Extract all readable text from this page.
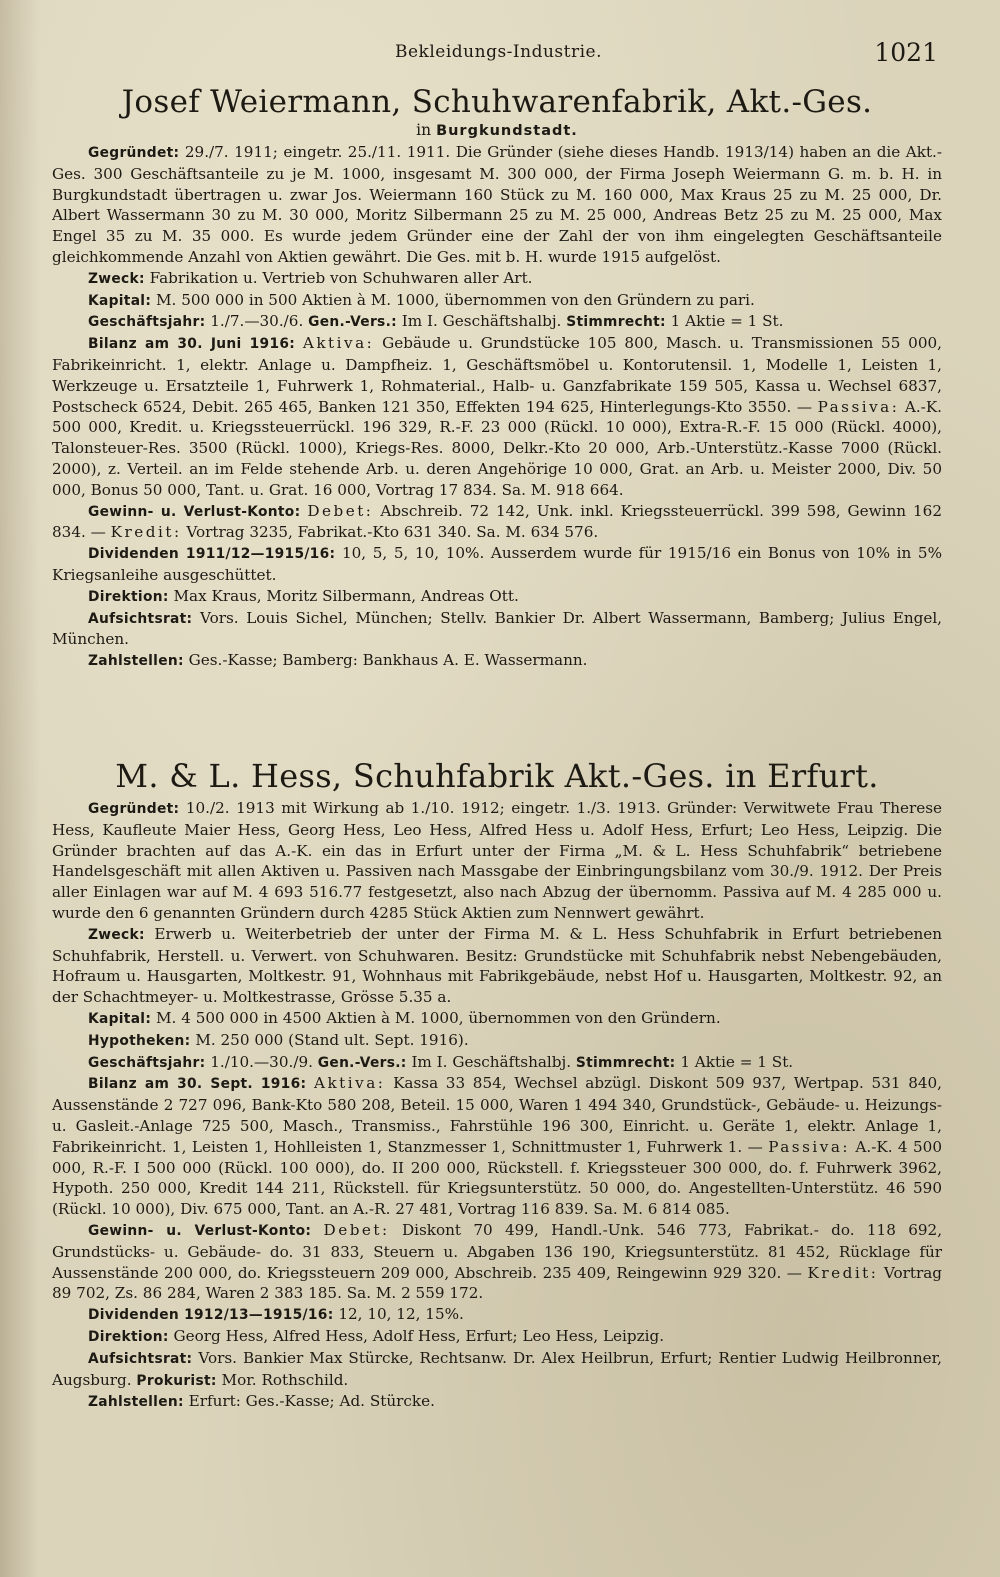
Bekleidungs-Industrie.	1021
Josef Weiermann, Schuhwarenfabrik, Akt.-Ges.

in Burgkundstadt.

Gegründet: 29./7. 1911; eingetr. 25./11. 1911. Die Gründer (siehe dieses Handb. 1913/14) haben an die Akt.-Ges. 300 Geschäftsanteile zu je M. 1000, insgesamt M. 300 000, der Firma Joseph Weiermann G. m. b. H. in Burgkundstadt übertragen u. zwar Jos. Weiermann 160 Stück zu M. 160 000, Max Kraus 25 zu M. 25 000, Dr. Albert Wassermann 30 zu M. 30 000, Moritz Silbermann 25 zu M. 25 000, Andreas Betz 25 zu M. 25 000, Max Engel 35 zu M. 35 000. Es wurde jedem Gründer eine der Zahl der von ihm eingelegten Geschäftsanteile gleichkommende Anzahl von Aktien gewährt. Die Ges. mit b. H. wurde 1915 aufgelöst.

Zweck: Fabrikation u. Vertrieb von Schuhwaren aller Art.

Kapital: M. 500 000 in 500 Aktien à M. 1000, übernommen von den Gründern zu pari.

Geschäftsjahr: 1./7.—30./6. Gen.-Vers.: Im I. Geschäftshalbj. Stimmrecht: 1 Aktie = 1 St.

Bilanz am 30. Juni 1916: Aktiva: Gebäude u. Grundstücke 105 800, Masch. u. Transmissionen 55 000, Fabrikeinricht. 1, elektr. Anlage u. Dampfheiz. 1, Geschäftsmöbel u. Kontorutensil. 1, Modelle 1, Leisten 1, Werkzeuge u. Ersatzteile 1, Fuhrwerk 1, Rohmaterial., Halb- u. Ganzfabrikate 159 505, Kassa u. Wechsel 6837, Postscheck 6524, Debit. 265 465, Banken 121 350, Effekten 194 625, Hinterlegungs-Kto 3550. — Passiva: A.-K. 500 000, Kredit. u. Kriegssteuerrückl. 196 329, R.-F. 23 000 (Rückl. 10 000), Extra-R.-F. 15 000 (Rückl. 4000), Talonsteuer-Res. 3500 (Rückl. 1000), Kriegs-Res. 8000, Delkr.-Kto 20 000, Arb.-Unterstütz.-Kasse 7000 (Rückl. 2000), z. Verteil. an im Felde stehende Arb. u. deren Angehörige 10 000, Grat. an Arb. u. Meister 2000, Div. 50 000, Bonus 50 000, Tant. u. Grat. 16 000, Vortrag 17 834. Sa. M. 918 664.

Gewinn- u. Verlust-Konto: Debet: Abschreib. 72 142, Unk. inkl. Kriegssteuerrückl. 399 598, Gewinn 162 834. — Kredit: Vortrag 3235, Fabrikat.-Kto 631 340. Sa. M. 634 576.

Dividenden 1911/12—1915/16: 10, 5, 5, 10, 10%. Ausserdem wurde für 1915/16 ein Bonus von 10% in 5% Kriegsanleihe ausgeschüttet.

Direktion: Max Kraus, Moritz Silbermann, Andreas Ott.

Aufsichtsrat: Vors. Louis Sichel, München; Stellv. Bankier Dr. Albert Wassermann, Bamberg; Julius Engel, München.

Zahlstellen: Ges.-Kasse; Bamberg: Bankhaus A. E. Wassermann.

M. & L. Hess, Schuhfabrik Akt.-Ges. in Erfurt.

Gegründet: 10./2. 1913 mit Wirkung ab 1./10. 1912; eingetr. 1./3. 1913. Gründer: Verwitwete Frau Therese Hess, Kaufleute Maier Hess, Georg Hess, Leo Hess, Alfred Hess u. Adolf Hess, Erfurt; Leo Hess, Leipzig. Die Gründer brachten auf das A.-K. ein das in Erfurt unter der Firma „M. & L. Hess Schuhfabrik“ betriebene Handelsgeschäft mit allen Aktiven u. Passiven nach Massgabe der Einbringungsbilanz vom 30./9. 1912. Der Preis aller Einlagen war auf M. 4 693 516.77 festgesetzt, also nach Abzug der übernomm. Passiva auf M. 4 285 000 u. wurde den 6 genannten Gründern durch 4285 Stück Aktien zum Nennwert gewährt.

Zweck: Erwerb u. Weiterbetrieb der unter der Firma M. & L. Hess Schuhfabrik in Erfurt betriebenen Schuhfabrik, Herstell. u. Verwert. von Schuhwaren. Besitz: Grundstücke mit Schuhfabrik nebst Nebengebäuden, Hofraum u. Hausgarten, Moltkestr. 91, Wohnhaus mit Fabrikgebäude, nebst Hof u. Hausgarten, Moltkestr. 92, an der Schachtmeyer- u. Moltkestrasse, Grösse 5.35 a.

Kapital: M. 4 500 000 in 4500 Aktien à M. 1000, übernommen von den Gründern.

Hypotheken: M. 250 000 (Stand ult. Sept. 1916).

Geschäftsjahr: 1./10.—30./9. Gen.-Vers.: Im I. Geschäftshalbj. Stimmrecht: 1 Aktie = 1 St.

Bilanz am 30. Sept. 1916: Aktiva: Kassa 33 854, Wechsel abzügl. Diskont 509 937, Wertpap. 531 840, Aussenstände 2 727 096, Bank-Kto 580 208, Beteil. 15 000, Waren 1 494 340, Grundstück-, Gebäude- u. Heizungs- u. Gasleit.-Anlage 725 500, Masch., Transmiss., Fahrstühle 196 300, Einricht. u. Geräte 1, elektr. Anlage 1, Fabrikeinricht. 1, Leisten 1, Hohlleisten 1, Stanzmesser 1, Schnittmuster 1, Fuhrwerk 1. — Passiva: A.-K. 4 500 000, R.-F. I 500 000 (Rückl. 100 000), do. II 200 000, Rückstell. f. Kriegssteuer 300 000, do. f. Fuhrwerk 3962, Hypoth. 250 000, Kredit 144 211, Rückstell. für Kriegsunterstütz. 50 000, do. Angestellten-Unterstütz. 46 590 (Rückl. 10 000), Div. 675 000, Tant. an A.-R. 27 481, Vortrag 116 839. Sa. M. 6 814 085.

Gewinn- u. Verlust-Konto: Debet: Diskont 70 499, Handl.-Unk. 546 773, Fabrikat.- do. 118 692, Grundstücks- u. Gebäude- do. 31 833, Steuern u. Abgaben 136 190, Kriegsunterstütz. 81 452, Rücklage für Aussenstände 200 000, do. Kriegssteuern 209 000, Abschreib. 235 409, Reingewinn 929 320. — Kredit: Vortrag 89 702, Zs. 86 284, Waren 2 383 185. Sa. M. 2 559 172.

Dividenden 1912/13—1915/16: 12, 10, 12, 15%.

Direktion: Georg Hess, Alfred Hess, Adolf Hess, Erfurt; Leo Hess, Leipzig.

Aufsichtsrat: Vors. Bankier Max Stürcke, Rechtsanw. Dr. Alex Heilbrun, Erfurt; Rentier Ludwig Heilbronner, Augsburg. Prokurist: Mor. Rothschild.

Zahlstellen: Erfurt: Ges.-Kasse; Ad. Stürcke.
